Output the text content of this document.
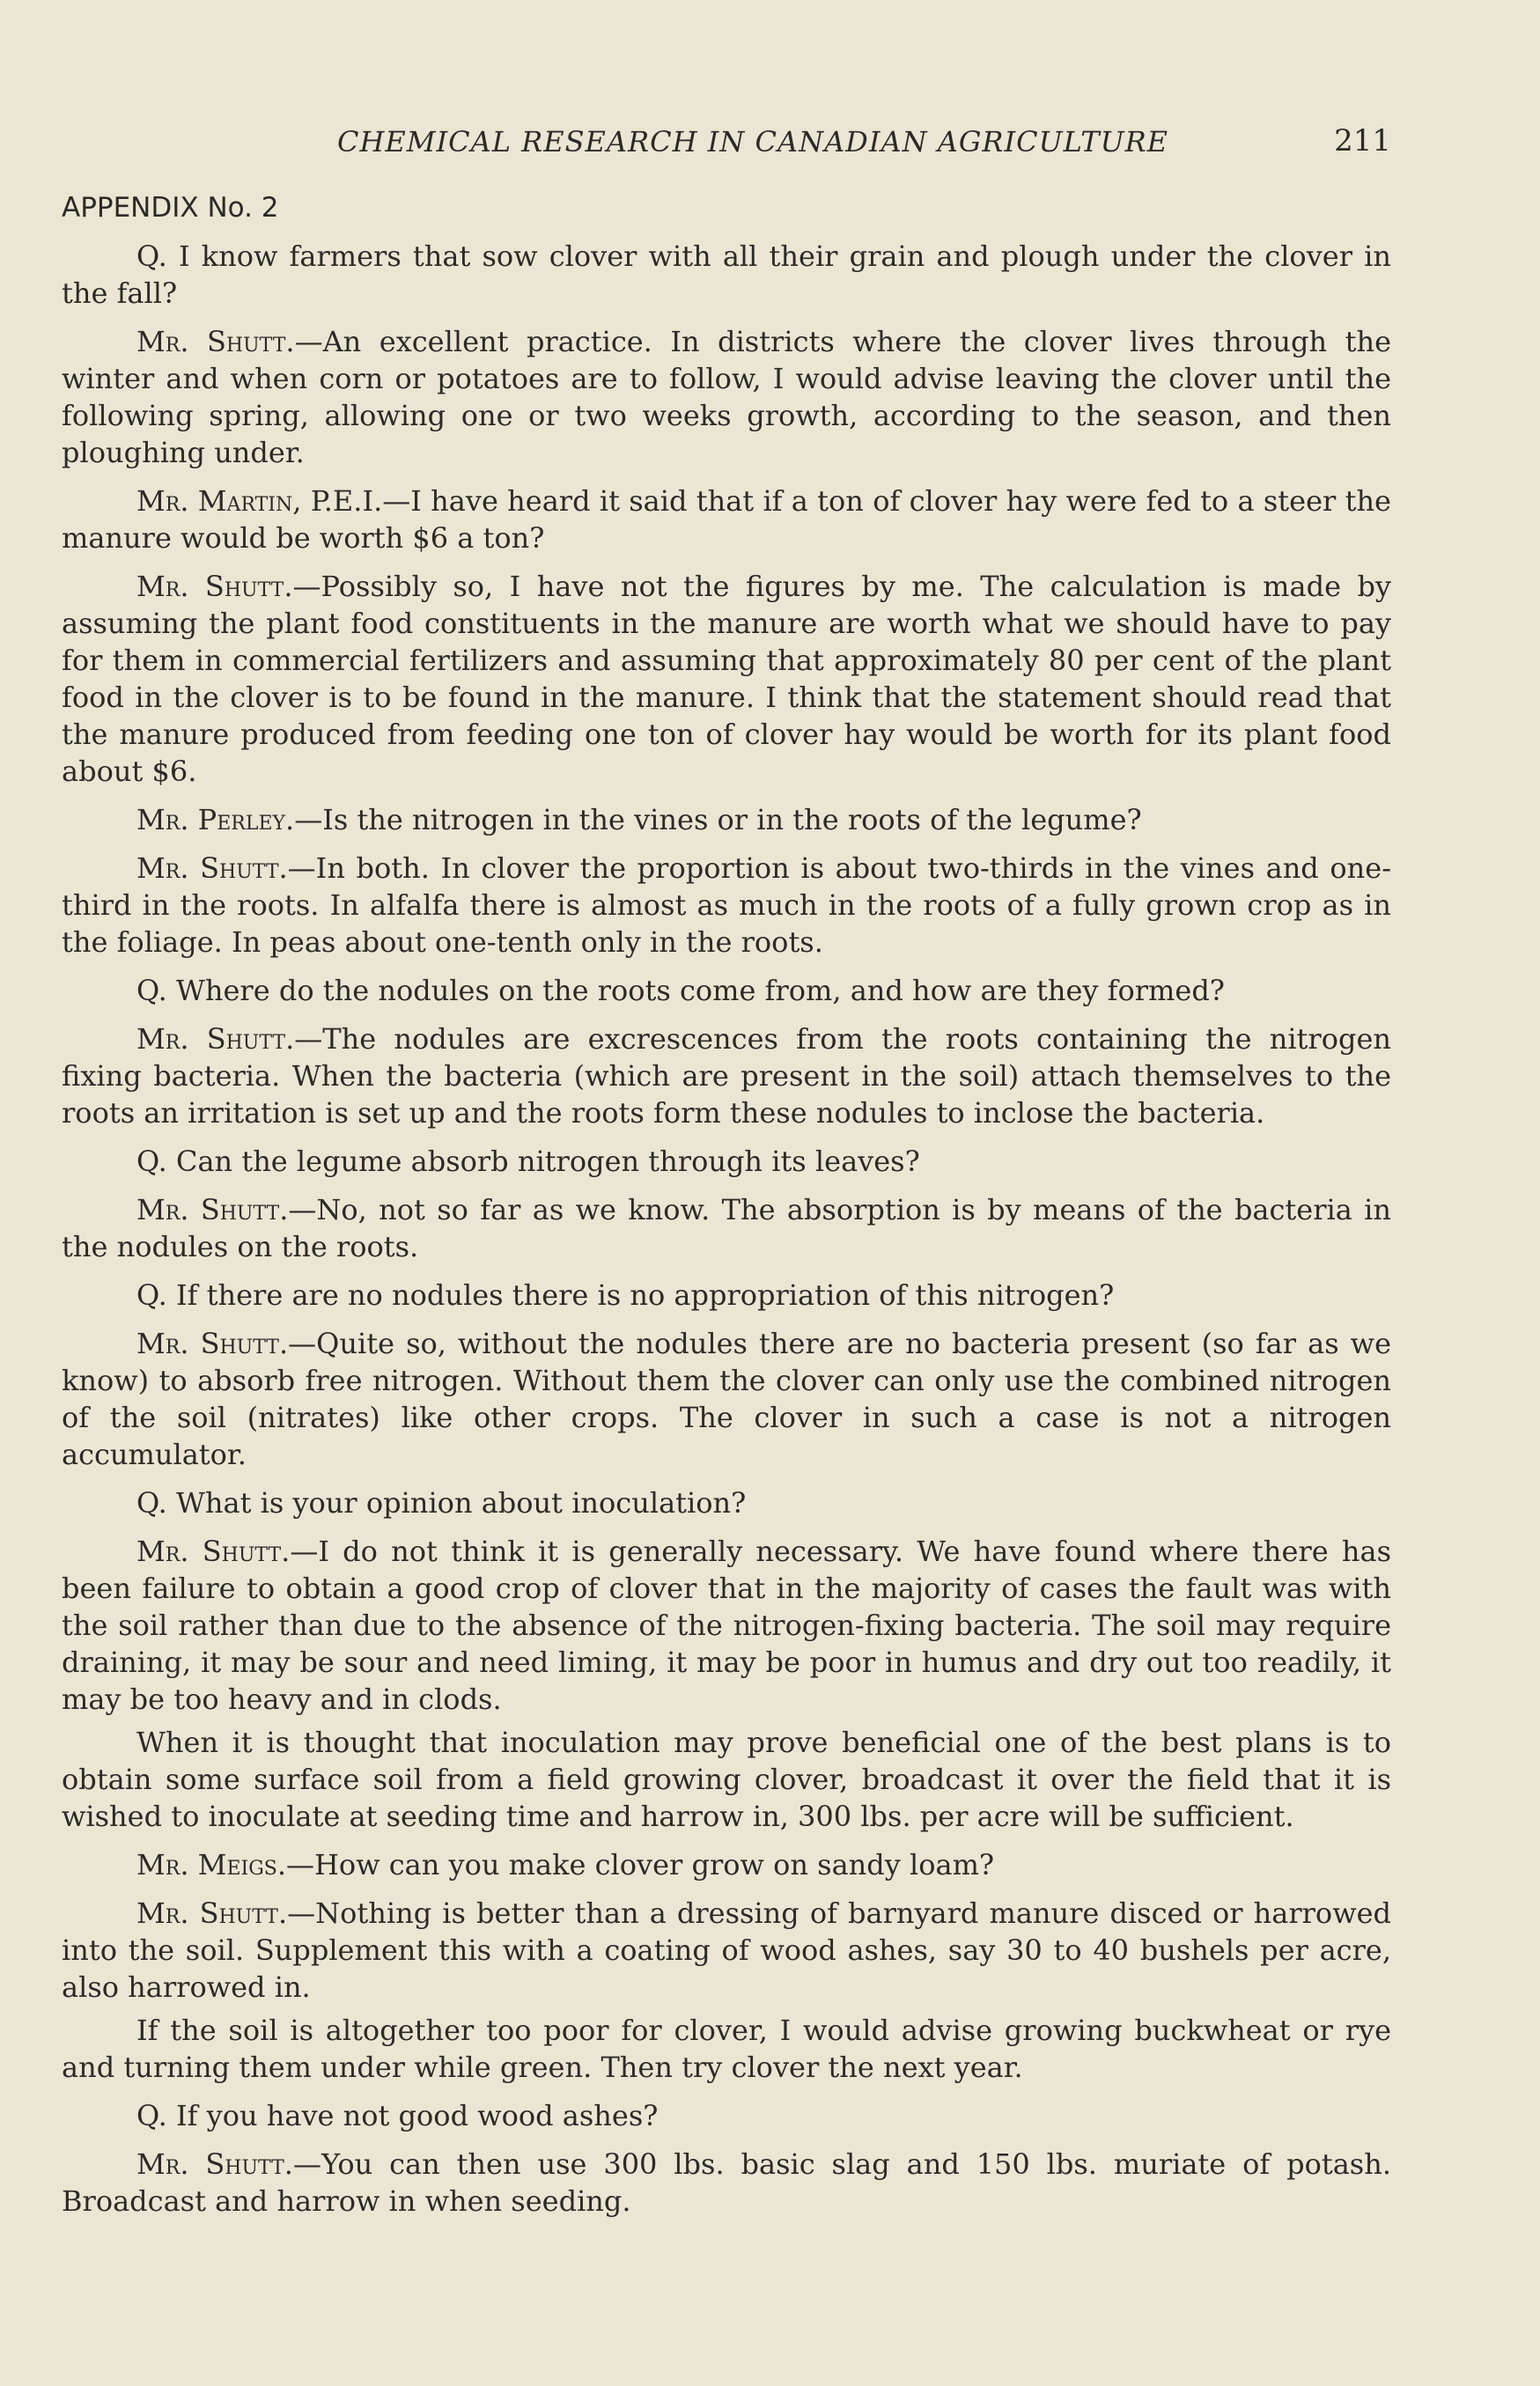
CHEMICAL RESEARCH IN CANADIAN AGRICULTURE	211
APPENDIX No. 2

Q. I know farmers that sow clover with all their grain and plough under the clover in the fall?

Mr. Shutt.—An excellent practice. In districts where the clover lives through the winter and when corn or potatoes are to follow, I would advise leaving the clover until the following spring, allowing one or two weeks growth, according to the season, and then ploughing under.

Mr. Martin, P.E.I.—I have heard it said that if a ton of clover hay were fed to a steer the manure would be worth $6 a ton?

Mr. Shutt.—Possibly so, I have not the figures by me. The calculation is made by assuming the plant food constituents in the manure are worth what we should have to pay for them in commercial fertilizers and assuming that approximately 80 per cent of the plant food in the clover is to be found in the manure. I think that the statement should read that the manure produced from feeding one ton of clover hay would be worth for its plant food about $6.

Mr. Perley.—Is the nitrogen in the vines or in the roots of the legume?

Mr. Shutt.—In both. In clover the proportion is about two-thirds in the vines and one-third in the roots. In alfalfa there is almost as much in the roots of a fully grown crop as in the foliage. In peas about one-tenth only in the roots.

Q. Where do the nodules on the roots come from, and how are they formed?

Mr. Shutt.—The nodules are excrescences from the roots containing the nitrogen fixing bacteria. When the bacteria (which are present in the soil) attach themselves to the roots an irritation is set up and the roots form these nodules to inclose the bacteria.

Q. Can the legume absorb nitrogen through its leaves?

Mr. Shutt.—No, not so far as we know. The absorption is by means of the bacteria in the nodules on the roots.

Q. If there are no nodules there is no appropriation of this nitrogen?

Mr. Shutt.—Quite so, without the nodules there are no bacteria present (so far as we know) to absorb free nitrogen. Without them the clover can only use the combined nitrogen of the soil (nitrates) like other crops. The clover in such a case is not a nitrogen accumulator.

Q. What is your opinion about inoculation?

Mr. Shutt.—I do not think it is generally necessary. We have found where there has been failure to obtain a good crop of clover that in the majority of cases the fault was with the soil rather than due to the absence of the nitrogen-fixing bacteria. The soil may require draining, it may be sour and need liming, it may be poor in humus and dry out too readily, it may be too heavy and in clods.

When it is thought that inoculation may prove beneficial one of the best plans is to obtain some surface soil from a field growing clover, broadcast it over the field that it is wished to inoculate at seeding time and harrow in, 300 lbs. per acre will be sufficient.

Mr. Meigs.—How can you make clover grow on sandy loam?

Mr. Shutt.—Nothing is better than a dressing of barnyard manure disced or harrowed into the soil. Supplement this with a coating of wood ashes, say 30 to 40 bushels per acre, also harrowed in.

If the soil is altogether too poor for clover, I would advise growing buckwheat or rye and turning them under while green. Then try clover the next year.

Q. If you have not good wood ashes?

Mr. Shutt.—You can then use 300 lbs. basic slag and 150 lbs. muriate of potash. Broadcast and harrow in when seeding.
